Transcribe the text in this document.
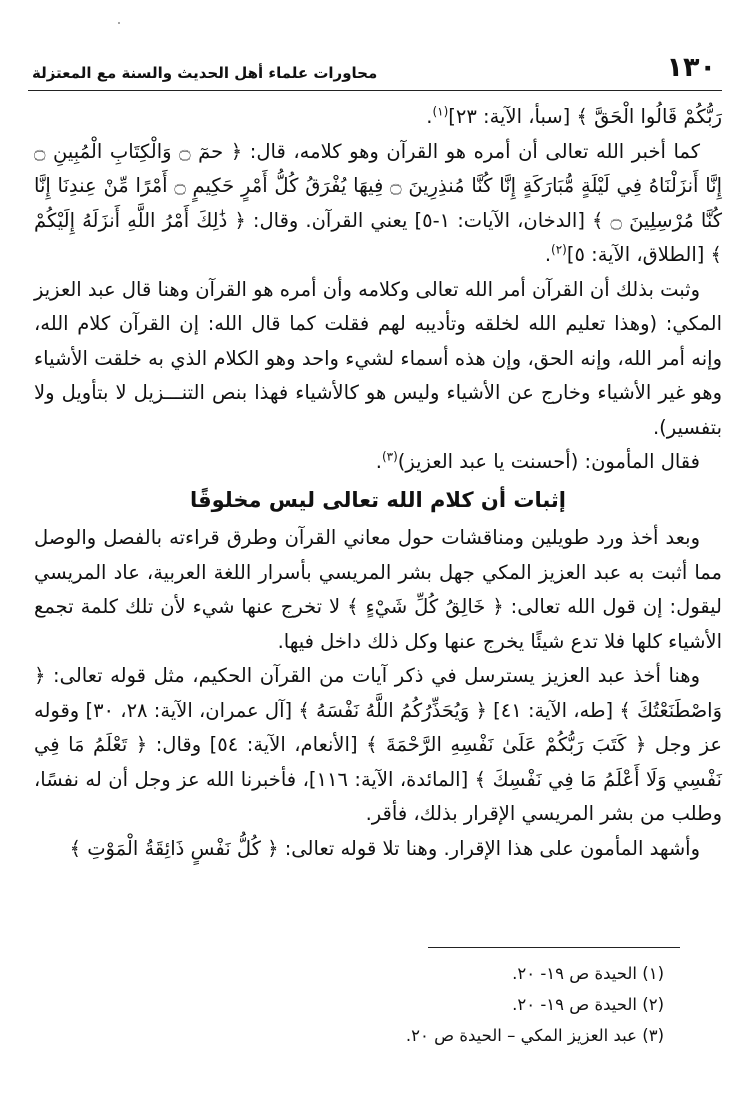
١٣٠
محاورات علماء أهل الحديث والسنة مع المعتزلة

رَبُّكُمْ قَالُوا الْحَقَّ ﴾ [سبأ، الآية: ٢٣]$^{(١)}$.

كما أخبر الله تعالى أن أمره هو القرآن وهو كلامه، قال: ﴿ حمٓ ۝ وَالْكِتَابِ الْمُبِينِ ۝ إِنَّا أَنزَلْنَاهُ فِي لَيْلَةٍ مُّبَارَكَةٍ إِنَّا كُنَّا مُنذِرِينَ ۝ فِيهَا يُفْرَقُ كُلُّ أَمْرٍ حَكِيمٍ ۝ أَمْرًا مِّنْ عِندِنَا إِنَّا كُنَّا مُرْسِلِينَ ۝ ﴾ [الدخان، الآيات: ١-٥] يعني القرآن. وقال: ﴿ ذَٰلِكَ أَمْرُ اللَّهِ أَنزَلَهُ إِلَيْكُمْ ﴾ [الطلاق، الآية: ٥]$^{(٢)}$.

وثبت بذلك أن القرآن أمر الله تعالى وكلامه وأن أمره هو القرآن وهنا قال عبد العزيز المكي: (وهذا تعليم الله لخلقه وتأديبه لهم فقلت كما قال الله: إن القرآن كلام الله، وإنه أمر الله، وإنه الحق، وإن هذه أسماء لشيء واحد وهو الكلام الذي به خلقت الأشياء وهو غير الأشياء وخارج عن الأشياء وليس هو كالأشياء فهذا بنص التنـــزيل لا بتأويل ولا بتفسير).

فقال المأمون: (أحسنت يا عبد العزيز)$^{(٣)}$.

إثبات أن كلام الله تعالى ليس مخلوقًا

وبعد أخذ ورد طويلين ومناقشات حول معاني القرآن وطرق قراءته بالفصل والوصل مما أثبت به عبد العزيز المكي جهل بشر المريسي بأسرار اللغة العربية، عاد المريسي ليقول: إن قول الله تعالى: ﴿ خَالِقُ كُلِّ شَيْءٍ ﴾ لا تخرج عنها شيء لأن تلك كلمة تجمع الأشياء كلها فلا تدع شيئًا يخرج عنها وكل ذلك داخل فيها.

وهنا أخذ عبد العزيز يسترسل في ذكر آيات من القرآن الحكيم، مثل قوله تعالى: ﴿ وَاصْطَنَعْتُكَ ﴾ [طه، الآية: ٤١] ﴿ وَيُحَذِّرُكُمُ اللَّهُ نَفْسَهُ ﴾ [آل عمران، الآية: ٢٨، ٣٠] وقوله عز وجل ﴿ كَتَبَ رَبُّكُمْ عَلَىٰ نَفْسِهِ الرَّحْمَةَ ﴾ [الأنعام، الآية: ٥٤] وقال: ﴿ تَعْلَمُ مَا فِي نَفْسِي وَلَا أَعْلَمُ مَا فِي نَفْسِكَ ﴾ [المائدة، الآية: ١١٦]، فأخبرنا الله عز وجل أن له نفسًا، وطلب من بشر المريسي الإقرار بذلك، فأقر.

وأشهد المأمون على هذا الإقرار. وهنا تلا قوله تعالى: ﴿ كُلُّ نَفْسٍ ذَائِقَةُ الْمَوْتِ ﴾

(١) الحيدة ص ١٩- ٢٠.

(٢) الحيدة ص ١٩- ٢٠.

(٣) عبد العزيز المكي – الحيدة ص ٢٠.
